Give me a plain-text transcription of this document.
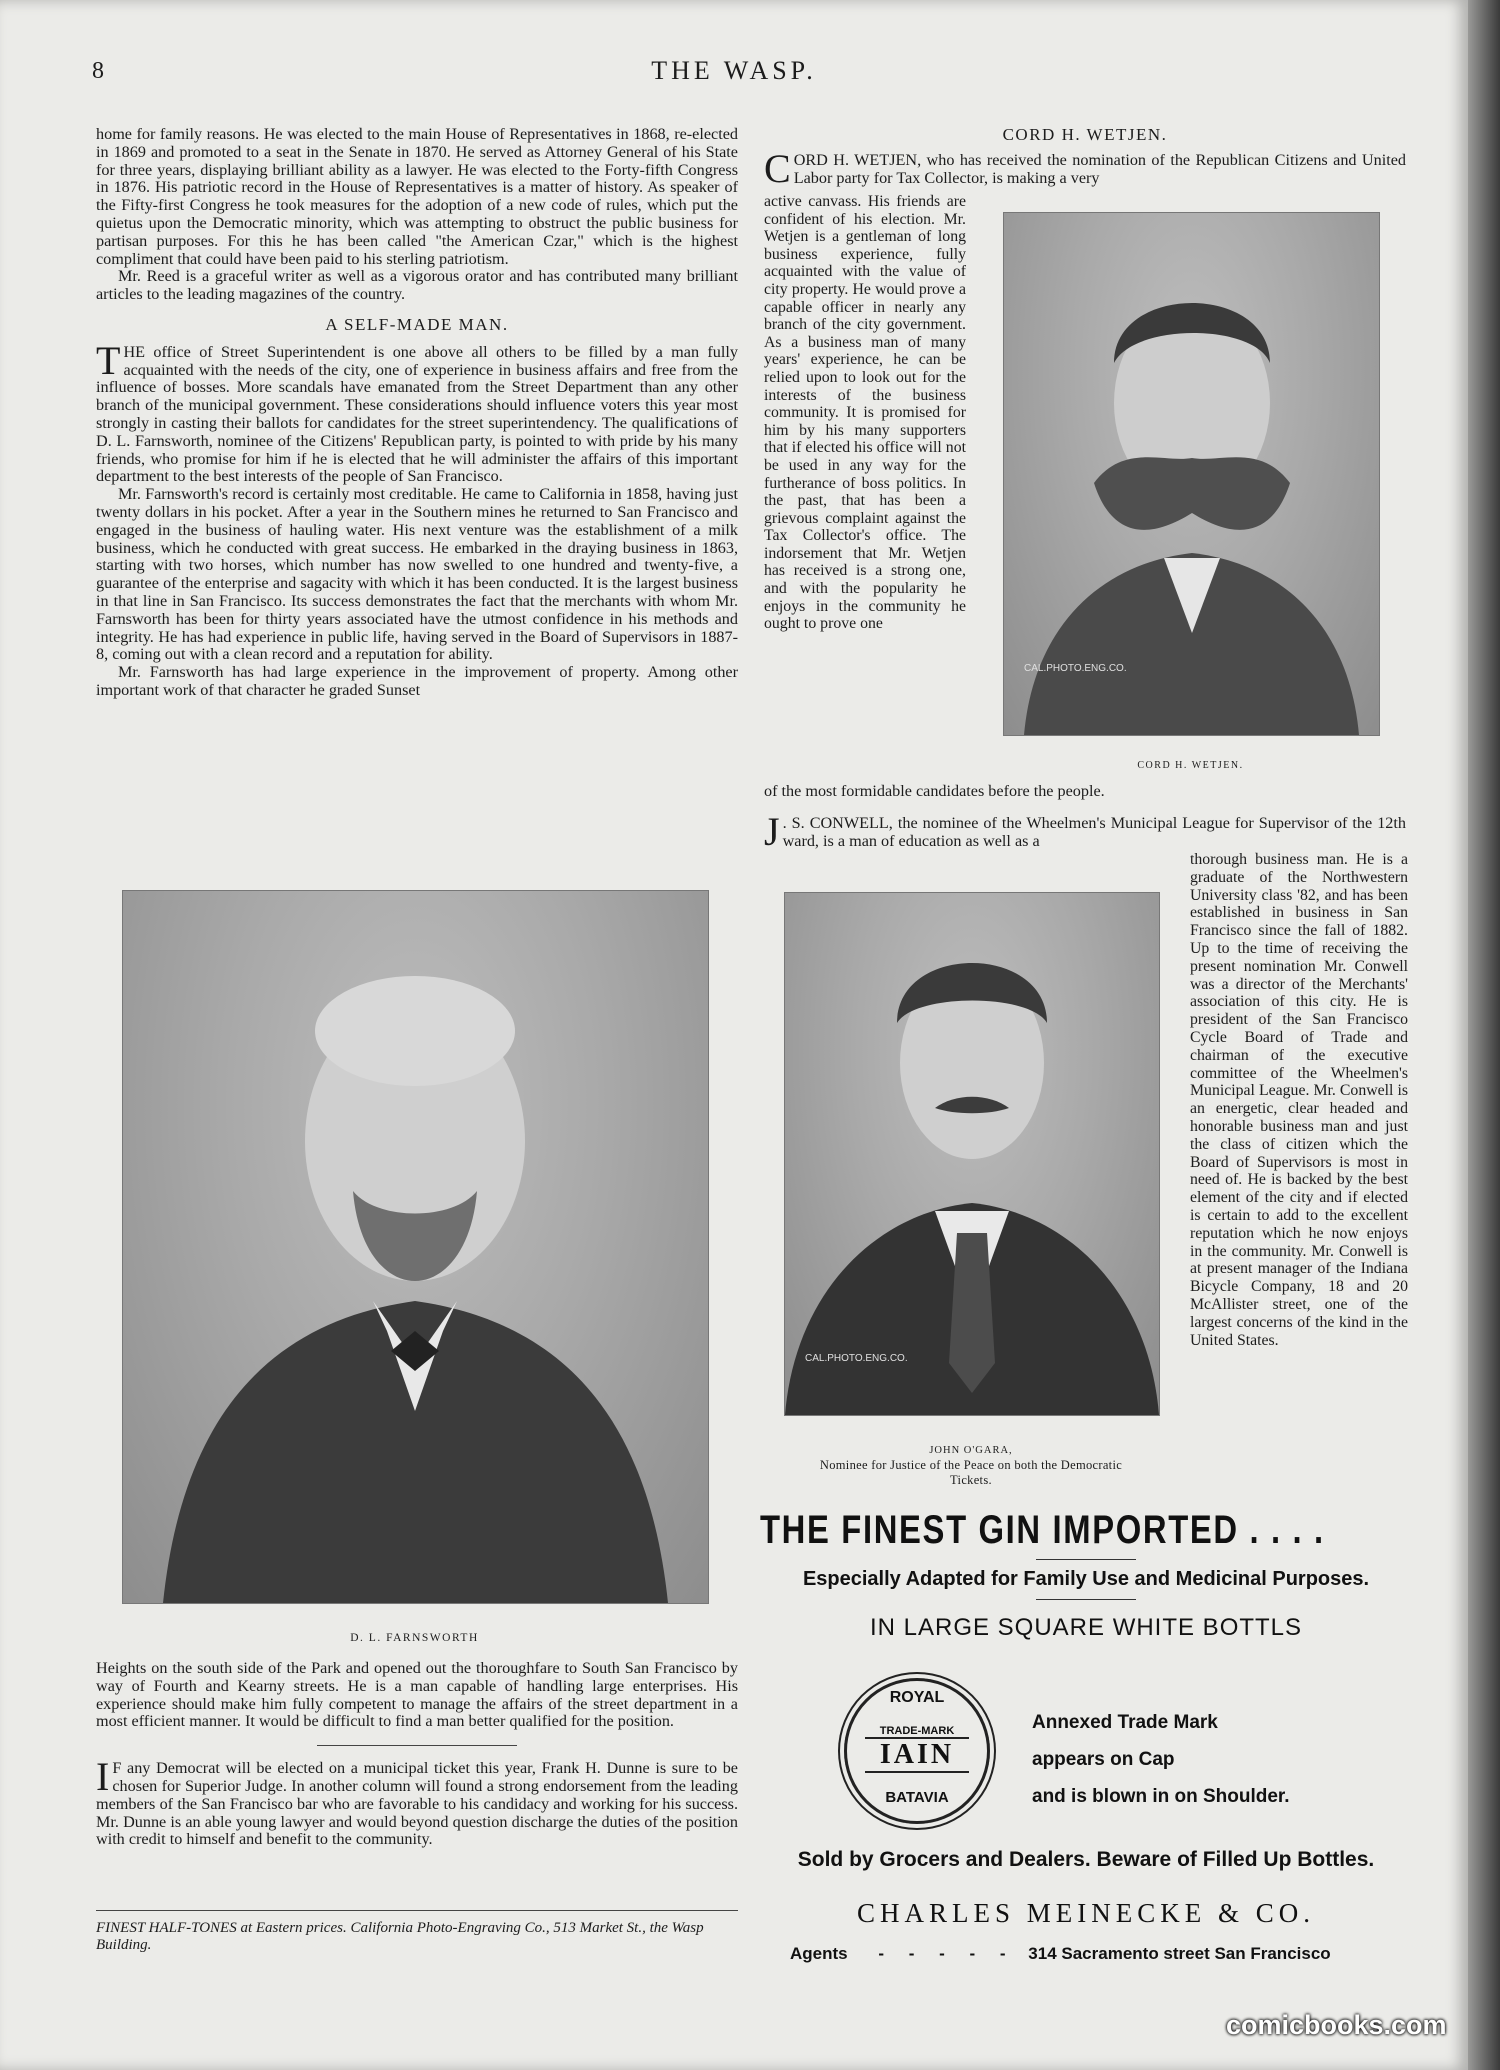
8	THE WASP.

home for family reasons. He was elected to the main House of Representatives in 1868, re-elected in 1869 and promoted to a seat in the Senate in 1870. He served as Attorney General of his State for three years, displaying brilliant ability as a lawyer. He was elected to the Forty-fifth Congress in 1876. His patriotic record in the House of Representatives is a matter of history. As speaker of the Fifty-first Congress he took measures for the adoption of a new code of rules, which put the quietus upon the Democratic minority, which was attempting to obstruct the public business for partisan purposes. For this he has been called "the American Czar," which is the highest compliment that could have been paid to his sterling patriotism.

Mr. Reed is a graceful writer as well as a vigorous orator and has contributed many brilliant articles to the leading magazines of the country.

A SELF-MADE MAN.

THE office of Street Superintendent is one above all others to be filled by a man fully acquainted with the needs of the city, one of experience in business affairs and free from the influence of bosses. More scandals have emanated from the Street Department than any other branch of the municipal government. These considerations should influence voters this year most strongly in casting their ballots for candidates for the street superintendency. The qualifications of D. L. Farnsworth, nominee of the Citizens' Republican party, is pointed to with pride by his many friends, who promise for him if he is elected that he will administer the affairs of this important department to the best interests of the people of San Francisco.

Mr. Farnsworth's record is certainly most creditable. He came to California in 1858, having just twenty dollars in his pocket. After a year in the Southern mines he returned to San Francisco and engaged in the business of hauling water. His next venture was the establishment of a milk business, which he conducted with great success. He embarked in the draying business in 1863, starting with two horses, which number has now swelled to one hundred and twenty-five, a guarantee of the enterprise and sagacity with which it has been conducted. It is the largest business in that line in San Francisco. Its success demonstrates the fact that the merchants with whom Mr. Farnsworth has been for thirty years associated have the utmost confidence in his methods and integrity. He has had experience in public life, having served in the Board of Supervisors in 1887-8, coming out with a clean record and a reputation for ability.

Mr. Farnsworth has had large experience in the improvement of property. Among other important work of that character he graded Sunset

D. L. FARNSWORTH

Heights on the south side of the Park and opened out the thoroughfare to South San Francisco by way of Fourth and Kearny streets. He is a man capable of handling large enterprises. His experience should make him fully competent to manage the affairs of the street department in a most efficient manner. It would be difficult to find a man better qualified for the position.

I F any Democrat will be elected on a municipal ticket this year, Frank H. Dunne is sure to be chosen for Superior Judge. In another column will found a strong endorsement from the leading members of the San Francisco bar who are favorable to his candidacy and working for his success. Mr. Dunne is an able young lawyer and would beyond question discharge the duties of the position with credit to himself and benefit to the community.

FINEST HALF-TONES at Eastern prices. California Photo-Engraving Co., 513 Market St., the Wasp Building.
CORD H. WETJEN.

CORD H. WETJEN, who has received the nomination of the Republican Citizens and United Labor party for Tax Collector, is making a very

active canvass. His friends are confident of his election. Mr. Wetjen is a gentleman of long business experience, fully acquainted with the value of city property. He would prove a capable officer in nearly any branch of the city government. As a business man of many years' experience, he can be relied upon to look out for the interests of the business community. It is promised for him by his many supporters that if elected his office will not be used in any way for the furtherance of boss politics. In the past, that has been a grievous complaint against the Tax Collector's office. The indorsement that Mr. Wetjen has received is a strong one, and with the popularity he enjoys in the community he ought to prove one
CAL.PHOTO.ENG.CO.
CORD H. WETJEN.
of the most formidable candidates before the people.

J . S. CONWELL, the nominee of the Wheelmen's Municipal League for Supervisor of the 12th ward, is a man of education as well as a

thorough business man. He is a graduate of the Northwestern University class '82, and has been established in business in San Francisco since the fall of 1882. Up to the time of receiving the present nomination Mr. Conwell was a director of the Merchants' association of this city. He is president of the San Francisco Cycle Board of Trade and chairman of the executive committee of the Wheelmen's Municipal League. Mr. Conwell is an energetic, clear headed and honorable business man and just the class of citizen which the Board of Supervisors is most in need of. He is backed by the best element of the city and if elected is certain to add to the excellent reputation which he now enjoys in the community. Mr. Conwell is at present manager of the Indiana Bicycle Company, 18 and 20 McAllister street, one of the largest concerns of the kind in the United States.
CAL.PHOTO.ENG.CO.
JOHN O'GARA,
Nominee for Justice of the Peace on both the Democratic
Tickets.
THE FINEST GIN IMPORTED . . . .
Especially Adapted for Family Use and Medicinal Purposes.
IN LARGE SQUARE WHITE BOTTLS
ROYAL
TRADE-MARK
IAIN
BATAVIA
Annexed Trade Mark
appears on Cap
and is blown in on Shoulder.
Sold by Grocers and Dealers. Beware of Filled Up Bottles.
CHARLES MEINECKE & CO.
Agents - - - - - 314 Sacramento street San Francisco
comicbooks.com
